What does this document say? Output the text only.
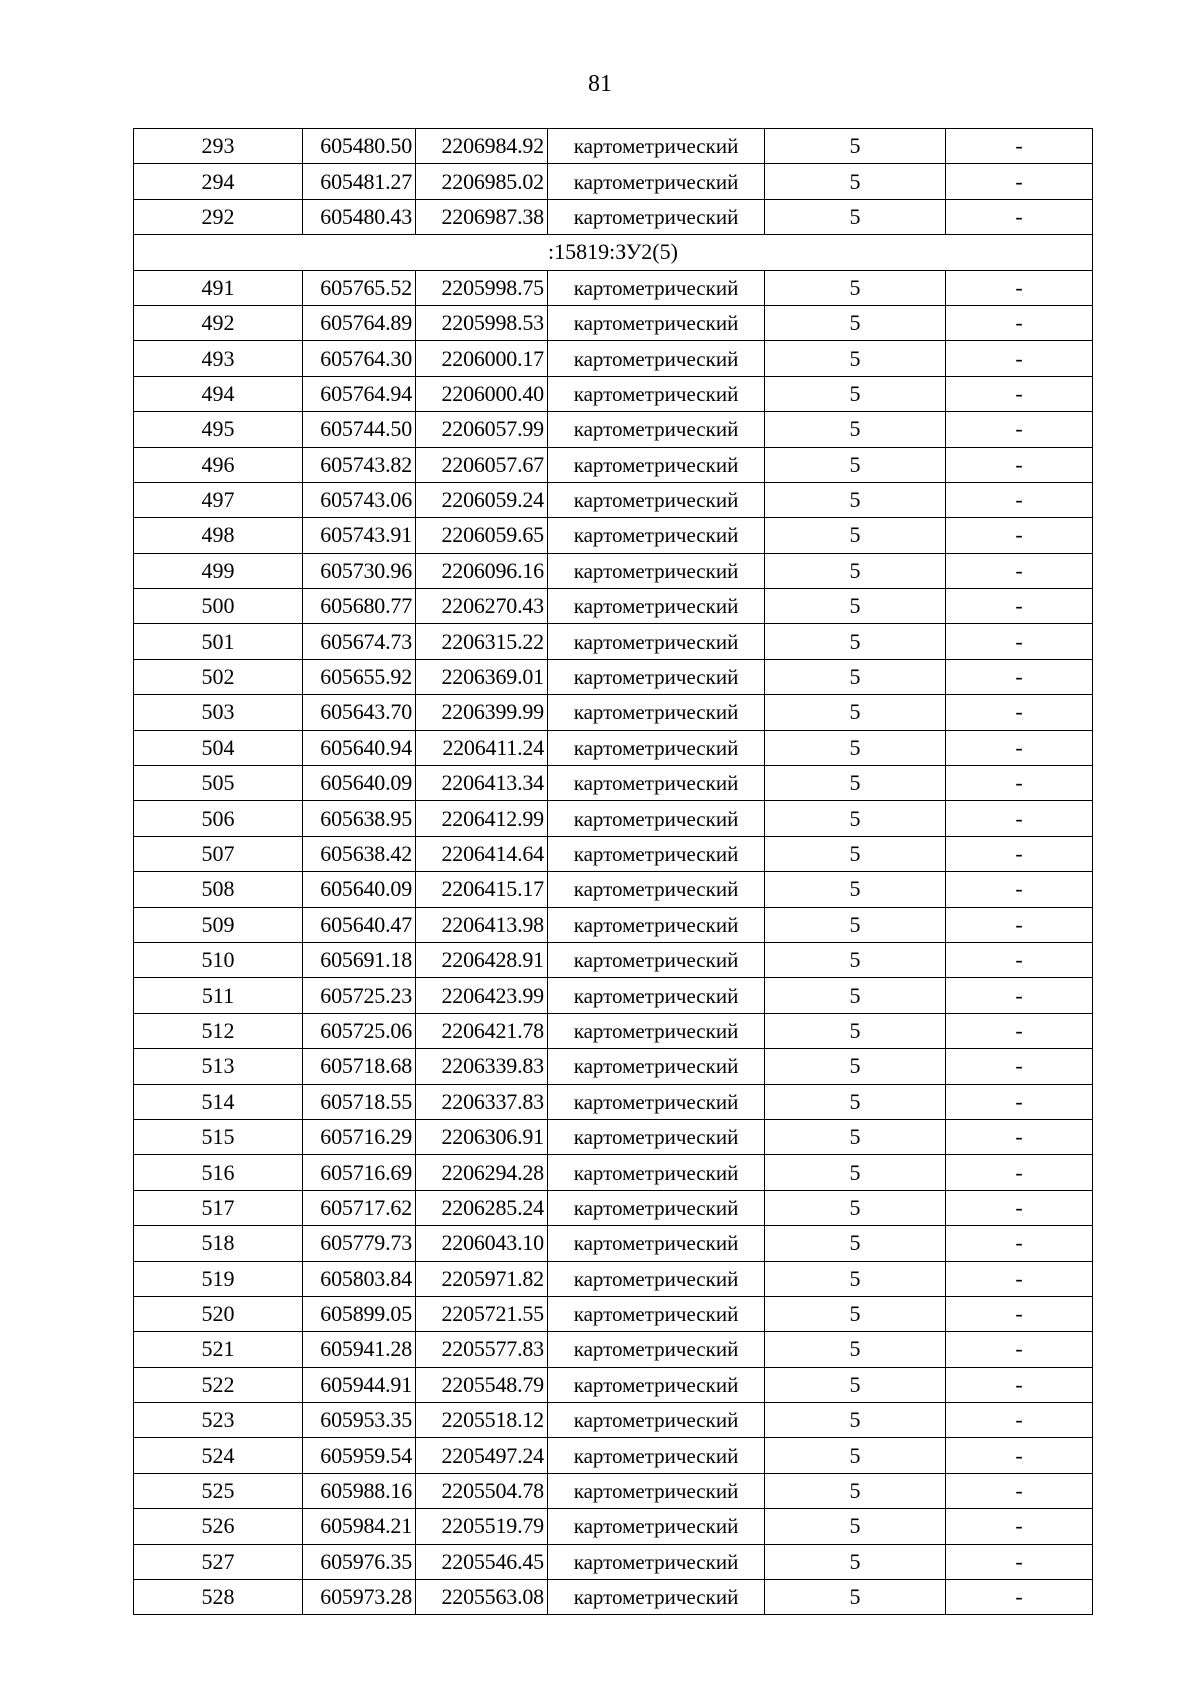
81
293	605480.50	2206984.92	картометрический	5	-
294	605481.27	2206985.02	картометрический	5	-
292	605480.43	2206987.38	картометрический	5	-
:15819:ЗУ2(5)					
491	605765.52	2205998.75	картометрический	5	-
492	605764.89	2205998.53	картометрический	5	-
493	605764.30	2206000.17	картометрический	5	-
494	605764.94	2206000.40	картометрический	5	-
495	605744.50	2206057.99	картометрический	5	-
496	605743.82	2206057.67	картометрический	5	-
497	605743.06	2206059.24	картометрический	5	-
498	605743.91	2206059.65	картометрический	5	-
499	605730.96	2206096.16	картометрический	5	-
500	605680.77	2206270.43	картометрический	5	-
501	605674.73	2206315.22	картометрический	5	-
502	605655.92	2206369.01	картометрический	5	-
503	605643.70	2206399.99	картометрический	5	-
504	605640.94	2206411.24	картометрический	5	-
505	605640.09	2206413.34	картометрический	5	-
506	605638.95	2206412.99	картометрический	5	-
507	605638.42	2206414.64	картометрический	5	-
508	605640.09	2206415.17	картометрический	5	-
509	605640.47	2206413.98	картометрический	5	-
510	605691.18	2206428.91	картометрический	5	-
511	605725.23	2206423.99	картометрический	5	-
512	605725.06	2206421.78	картометрический	5	-
513	605718.68	2206339.83	картометрический	5	-
514	605718.55	2206337.83	картометрический	5	-
515	605716.29	2206306.91	картометрический	5	-
516	605716.69	2206294.28	картометрический	5	-
517	605717.62	2206285.24	картометрический	5	-
518	605779.73	2206043.10	картометрический	5	-
519	605803.84	2205971.82	картометрический	5	-
520	605899.05	2205721.55	картометрический	5	-
521	605941.28	2205577.83	картометрический	5	-
522	605944.91	2205548.79	картометрический	5	-
523	605953.35	2205518.12	картометрический	5	-
524	605959.54	2205497.24	картометрический	5	-
525	605988.16	2205504.78	картометрический	5	-
526	605984.21	2205519.79	картометрический	5	-
527	605976.35	2205546.45	картометрический	5	-
528	605973.28	2205563.08	картометрический	5	-
